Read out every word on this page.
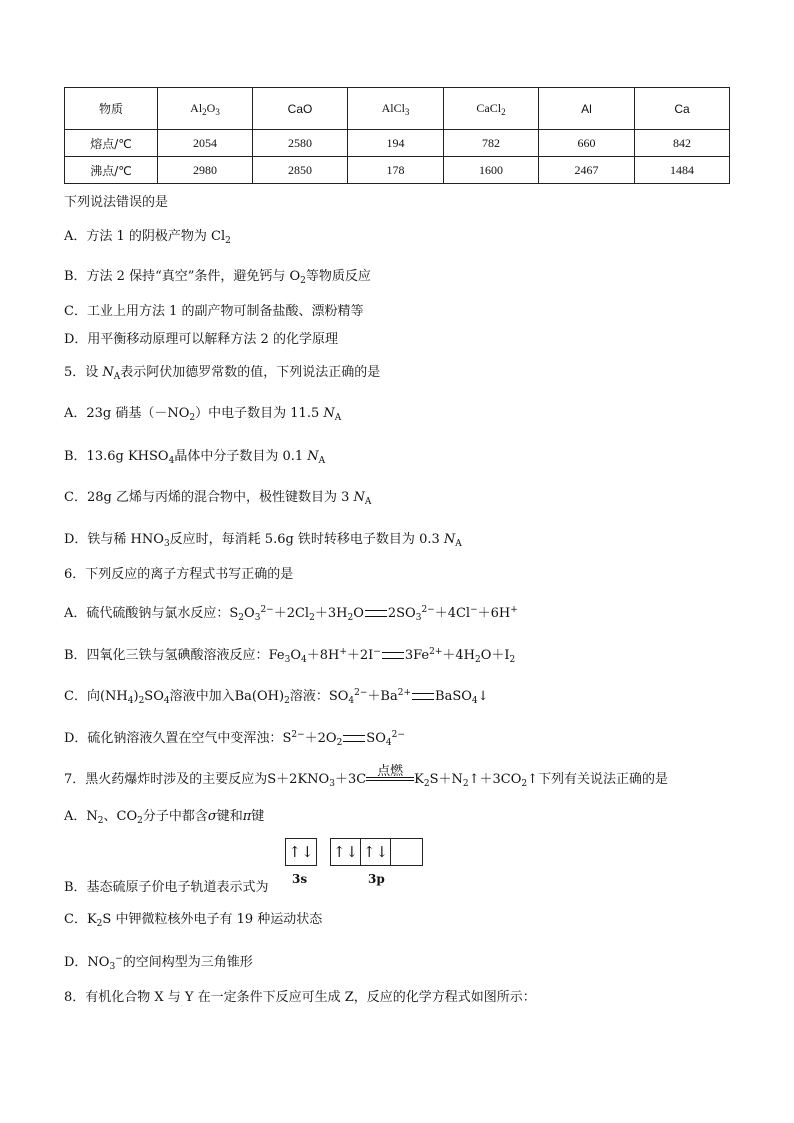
物质	$Al_2O_3$	CaO	AlCl$_3$	CaCl$_2$	Al	Ca
熔点/℃	2054	2580	194	782	660	842
沸点/℃	2980	2850	178	1600	2467	1484
下列说法错误的是
A．方法 1 的阴极产物为 $Cl_2$
B．方法 2 保持“真空”条件，避免钙与 $O_2$等物质反应
C．工业上用方法 1 的副产物可制备盐酸、漂粉精等
D．用平衡移动原理可以解释方法 2 的化学原理
5．设 $N_A$表示阿伏加德罗常数的值，下列说法正确的是
A．23g 硝基$(-NO_2)$中电子数目为 11.5 $N_A$
B．13.6g $KHSO_4$晶体中分子数目为 0.1 $N_A$
C．28g 乙烯与丙烯的混合物中，极性键数目为 3 $N_A$
D．铁与稀 $HNO_3$反应时，每消耗 5.6g 铁时转移电子数目为 0.3 $N_A$
6．下列反应的离子方程式书写正确的是
A．硫代硫酸钠与氯水反应：$S_2O_3^{2-}+2Cl_2+3H_2O$ $2SO_3^{2-}+4Cl^-+6H^+$
B．四氧化三铁与氢碘酸溶液反应：$Fe_3O_4+8H^++2I^-$ $3Fe^{2+}+4H_2O+I_2$
C．向$(NH_4)_2SO_4$溶液中加入$Ba(OH)_2$溶液：$SO_4^{2-}+Ba^{2+}$ BaSO$_4$↓
D．硫化钠溶液久置在空气中变浑浊：$S^{2-}+2O_2$ $SO_4^{2-}$
7．黑火药爆炸时涉及的主要反应为$S+2KNO_3+3C$
点燃
$K_2S+N_2↑+3CO_2↑$下列有关说法正确的是
A．$N_2$、$CO_2$分子中都含σ键和π键
↑↓ ↑↓ ↑↓
3s	3p
B．基态硫原子价电子轨道表示式为
C．$K_2S$ 中钾微粒核外电子有 19 种运动状态
D．$NO_3^-$的空间构型为三角锥形
8．有机化合物 X 与 Y 在一定条件下反应可生成 Z，反应的化学方程式如图所示：
